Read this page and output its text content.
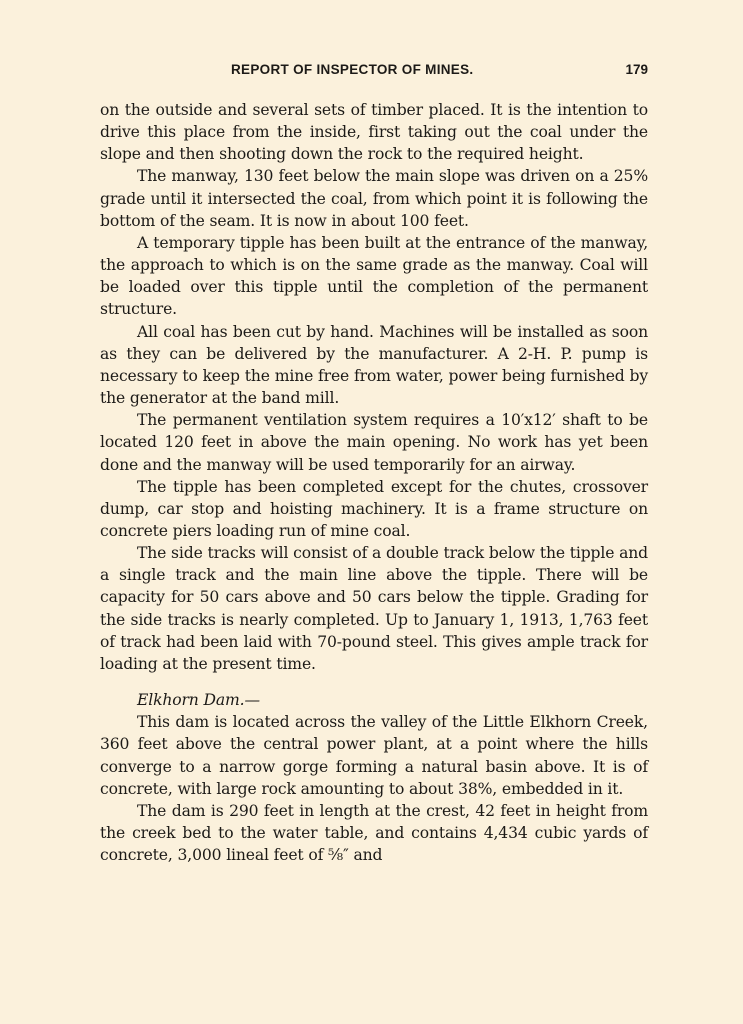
REPORT OF INSPECTOR OF MINES.	179

on the outside and several sets of timber placed. It is the intention to drive this place from the inside, first taking out the coal under the slope and then shooting down the rock to the required height.

The manway, 130 feet below the main slope was driven on a 25% grade until it intersected the coal, from which point it is following the bottom of the seam. It is now in about 100 feet.

A temporary tipple has been built at the entrance of the manway, the approach to which is on the same grade as the manway. Coal will be loaded over this tipple until the completion of the permanent structure.

All coal has been cut by hand. Machines will be installed as soon as they can be delivered by the manufacturer. A 2-H. P. pump is necessary to keep the mine free from water, power being furnished by the generator at the band mill.

The permanent ventilation system requires a 10′x12′ shaft to be located 120 feet in above the main opening. No work has yet been done and the manway will be used temporarily for an airway.

The tipple has been completed except for the chutes, crossover dump, car stop and hoisting machinery. It is a frame structure on concrete piers loading run of mine coal.

The side tracks will consist of a double track below the tipple and a single track and the main line above the tipple. There will be capacity for 50 cars above and 50 cars below the tipple. Grading for the side tracks is nearly completed. Up to January 1, 1913, 1,763 feet of track had been laid with 70-pound steel. This gives ample track for loading at the present time.

Elkhorn Dam.—

This dam is located across the valley of the Little Elkhorn Creek, 360 feet above the central power plant, at a point where the hills converge to a narrow gorge forming a natural basin above. It is of concrete, with large rock amounting to about 38%, embedded in it.

The dam is 290 feet in length at the crest, 42 feet in height from the creek bed to the water table, and contains 4,434 cubic yards of concrete, 3,000 lineal feet of ⅝″ and
